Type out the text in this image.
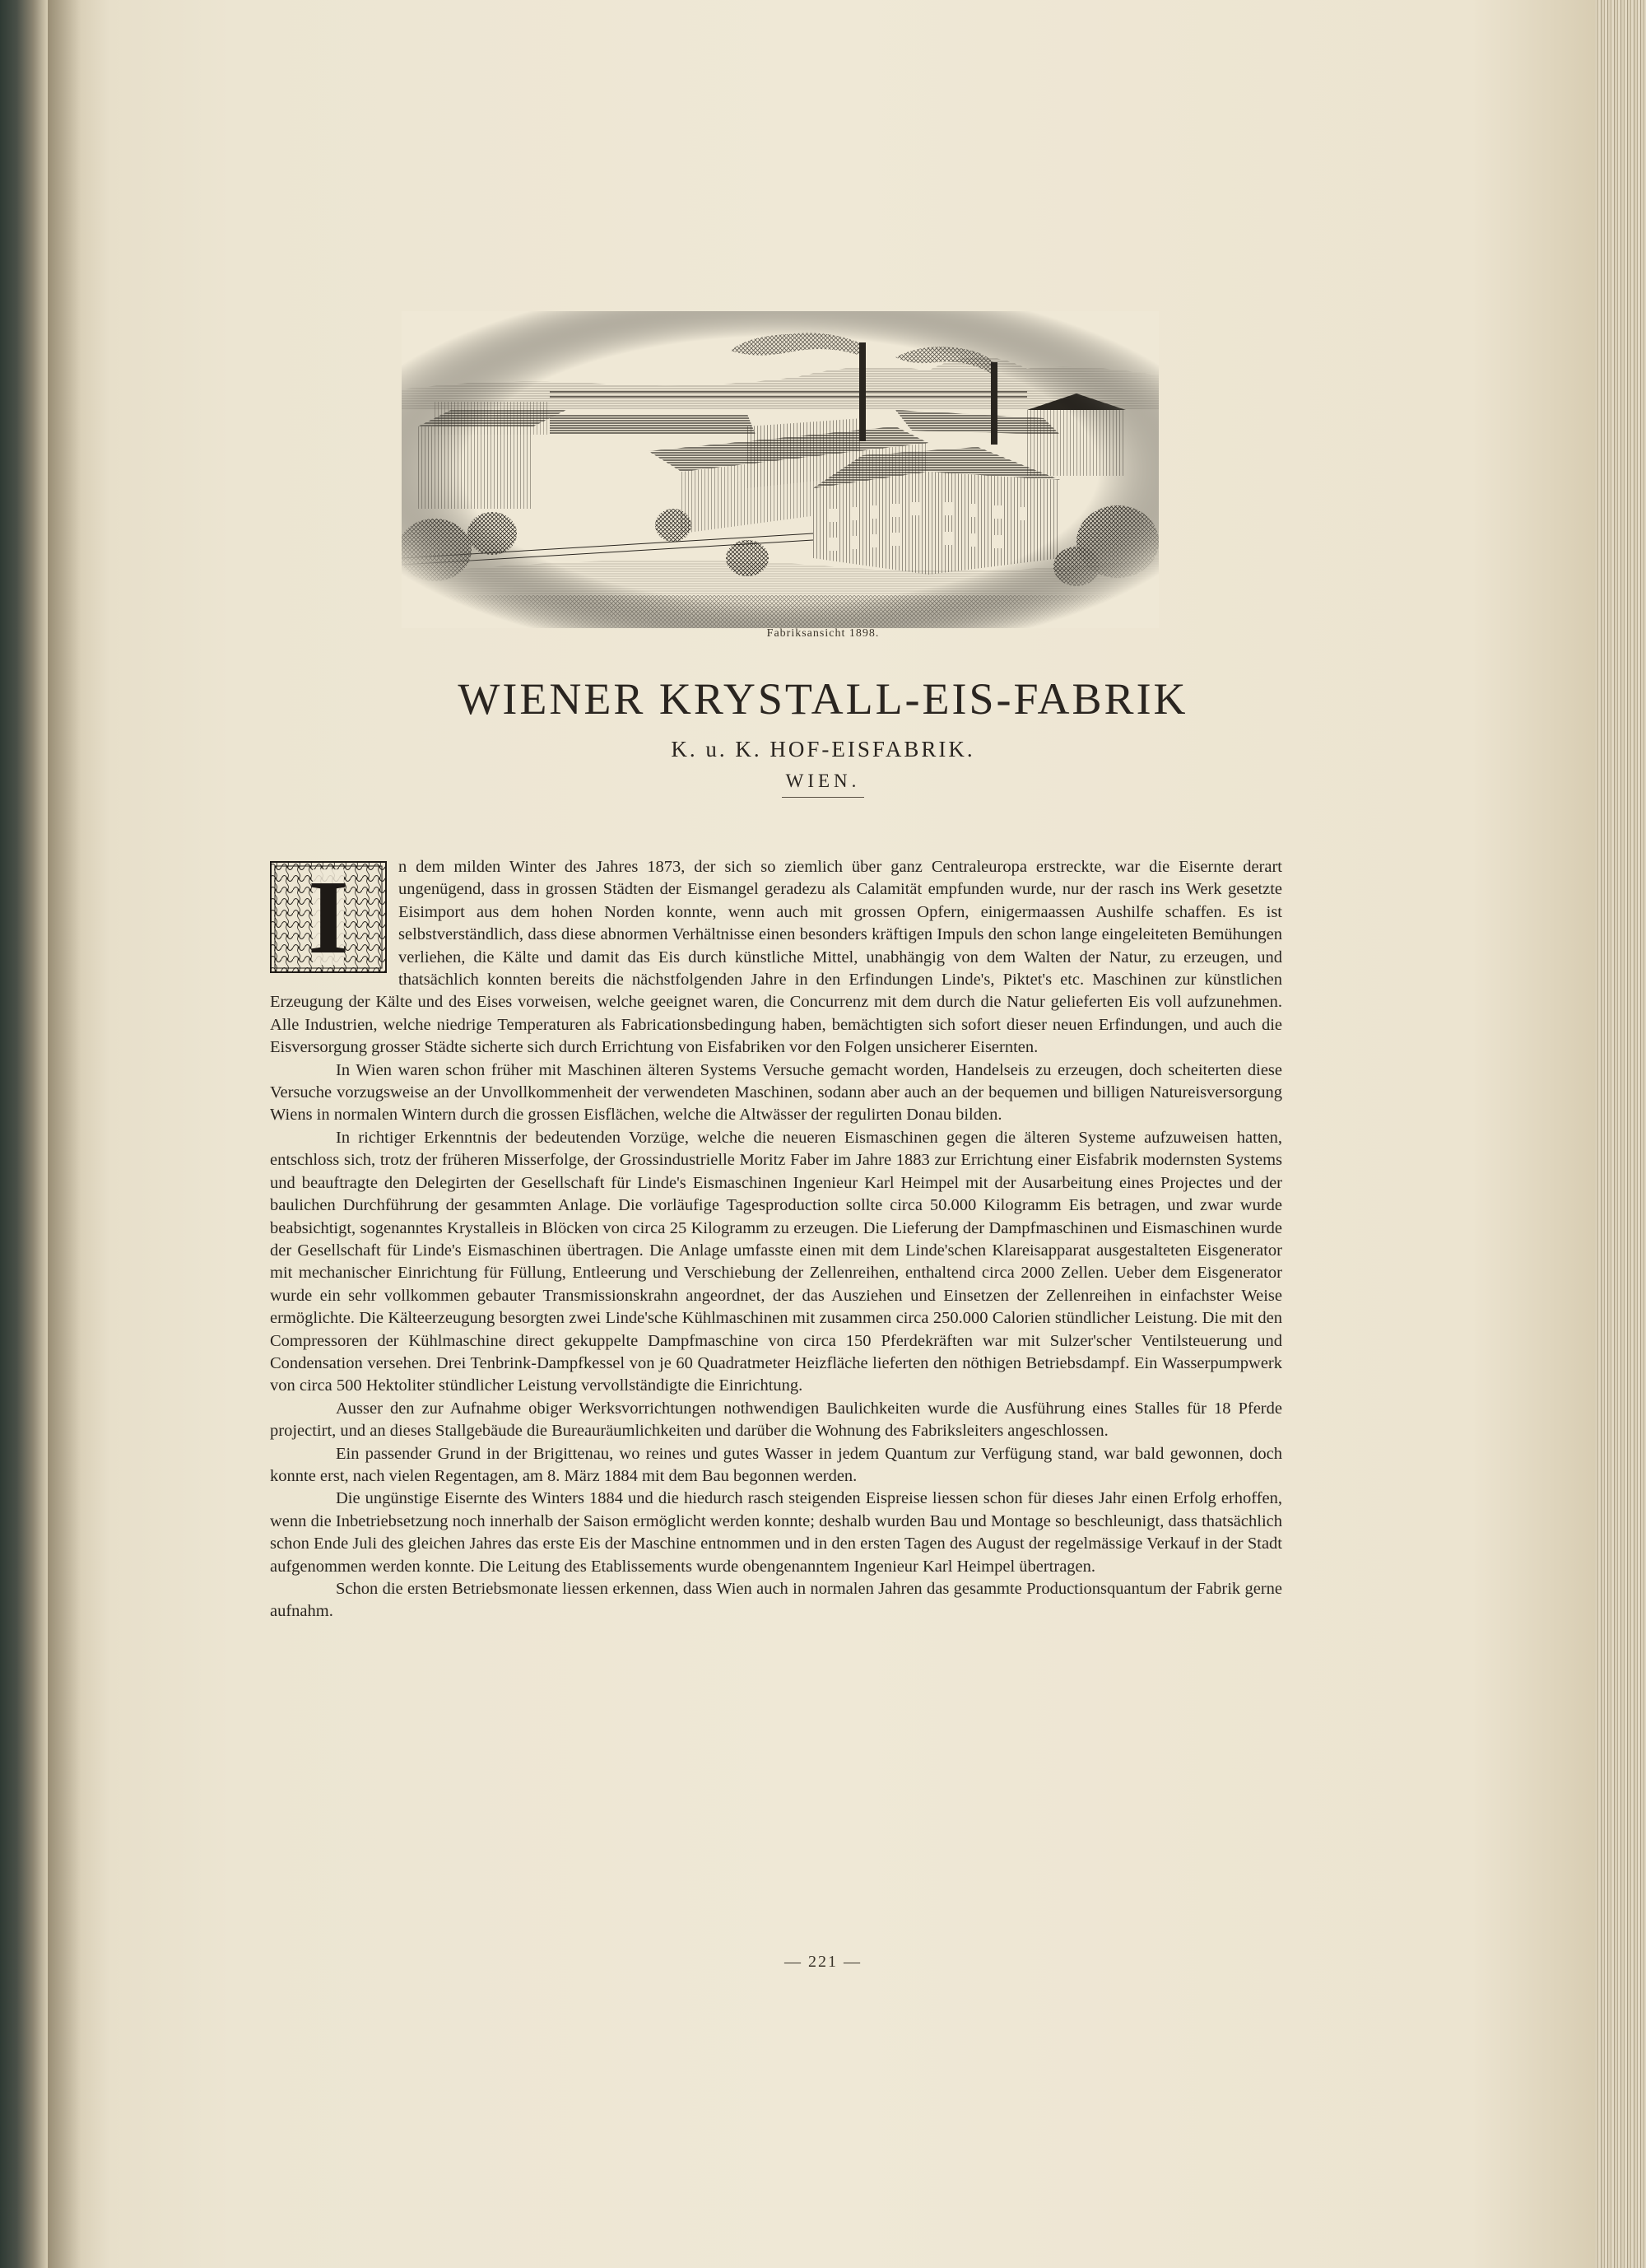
Fabriksansicht 1898.
WIENER KRYSTALL-EIS-FABRIK
K. u. K. HOF-EISFABRIK.
WIEN.
I	n dem milden Winter des Jahres 1873, der sich so ziemlich über ganz Centraleuropa erstreckte, war die Eisernte derart ungenügend, dass in grossen Städten der Eismangel geradezu als Calamität empfunden wurde, nur der rasch ins Werk gesetzte Eisimport aus dem hohen Norden konnte, wenn auch mit grossen Opfern, einigermaassen Aushilfe schaffen. Es ist selbstverständlich, dass diese abnormen Verhältnisse einen besonders kräftigen Impuls den schon lange eingeleiteten Bemühungen verliehen, die Kälte und damit das Eis durch künstliche Mittel, unabhängig von dem Walten der Natur, zu erzeugen, und thatsächlich konnten bereits die nächstfolgenden Jahre in den Erfindungen Linde's, Piktet's etc. Maschinen zur künstlichen Erzeugung der Kälte und des Eises vorweisen, welche geeignet waren, die Concurrenz mit dem durch die Natur gelieferten Eis voll aufzunehmen. Alle Industrien, welche niedrige Temperaturen als Fabricationsbedingung haben, bemächtigten sich sofort dieser neuen Erfindungen, und auch die Eisversorgung grosser Städte sicherte sich durch Errichtung von Eisfabriken vor den Folgen unsicherer Eisernten.

In Wien waren schon früher mit Maschinen älteren Systems Versuche gemacht worden, Handelseis zu erzeugen, doch scheiterten diese Versuche vorzugsweise an der Unvollkommenheit der verwendeten Maschinen, sodann aber auch an der bequemen und billigen Natureisversorgung Wiens in normalen Wintern durch die grossen Eisflächen, welche die Altwässer der regulirten Donau bilden.

In richtiger Erkenntnis der bedeutenden Vorzüge, welche die neueren Eismaschinen gegen die älteren Systeme aufzuweisen hatten, entschloss sich, trotz der früheren Misserfolge, der Grossindustrielle Moritz Faber im Jahre 1883 zur Errichtung einer Eisfabrik modernsten Systems und beauftragte den Delegirten der Gesellschaft für Linde's Eismaschinen Ingenieur Karl Heimpel mit der Ausarbeitung eines Projectes und der baulichen Durchführung der gesammten Anlage. Die vorläufige Tagesproduction sollte circa 50.000 Kilogramm Eis betragen, und zwar wurde beabsichtigt, sogenanntes Krystalleis in Blöcken von circa 25 Kilogramm zu erzeugen. Die Lieferung der Dampfmaschinen und Eismaschinen wurde der Gesellschaft für Linde's Eismaschinen übertragen. Die Anlage umfasste einen mit dem Linde'schen Klareisapparat ausgestalteten Eisgenerator mit mechanischer Einrichtung für Füllung, Entleerung und Verschiebung der Zellenreihen, enthaltend circa 2000 Zellen. Ueber dem Eisgenerator wurde ein sehr vollkommen gebauter Transmissionskrahn angeordnet, der das Ausziehen und Einsetzen der Zellenreihen in einfachster Weise ermöglichte. Die Kälteerzeugung besorgten zwei Linde'sche Kühlmaschinen mit zusammen circa 250.000 Calorien stündlicher Leistung. Die mit den Compressoren der Kühlmaschine direct gekuppelte Dampfmaschine von circa 150 Pferdekräften war mit Sulzer'scher Ventilsteuerung und Condensation versehen. Drei Tenbrink-Dampfkessel von je 60 Quadratmeter Heizfläche lieferten den nöthigen Betriebsdampf. Ein Wasserpumpwerk von circa 500 Hektoliter stündlicher Leistung vervollständigte die Einrichtung.

Ausser den zur Aufnahme obiger Werksvorrichtungen nothwendigen Baulichkeiten wurde die Ausführung eines Stalles für 18 Pferde projectirt, und an dieses Stallgebäude die Bureauräumlichkeiten und darüber die Wohnung des Fabriksleiters angeschlossen.

Ein passender Grund in der Brigittenau, wo reines und gutes Wasser in jedem Quantum zur Verfügung stand, war bald gewonnen, doch konnte erst, nach vielen Regentagen, am 8. März 1884 mit dem Bau begonnen werden.

Die ungünstige Eisernte des Winters 1884 und die hiedurch rasch steigenden Eispreise liessen schon für dieses Jahr einen Erfolg erhoffen, wenn die Inbetriebsetzung noch innerhalb der Saison ermöglicht werden konnte; deshalb wurden Bau und Montage so beschleunigt, dass thatsächlich schon Ende Juli des gleichen Jahres das erste Eis der Maschine entnommen und in den ersten Tagen des August der regelmässige Verkauf in der Stadt aufgenommen werden konnte. Die Leitung des Etablissements wurde obengenanntem Ingenieur Karl Heimpel übertragen.

Schon die ersten Betriebsmonate liessen erkennen, dass Wien auch in normalen Jahren das gesammte Productionsquantum der Fabrik gerne aufnahm.

— 221 —
